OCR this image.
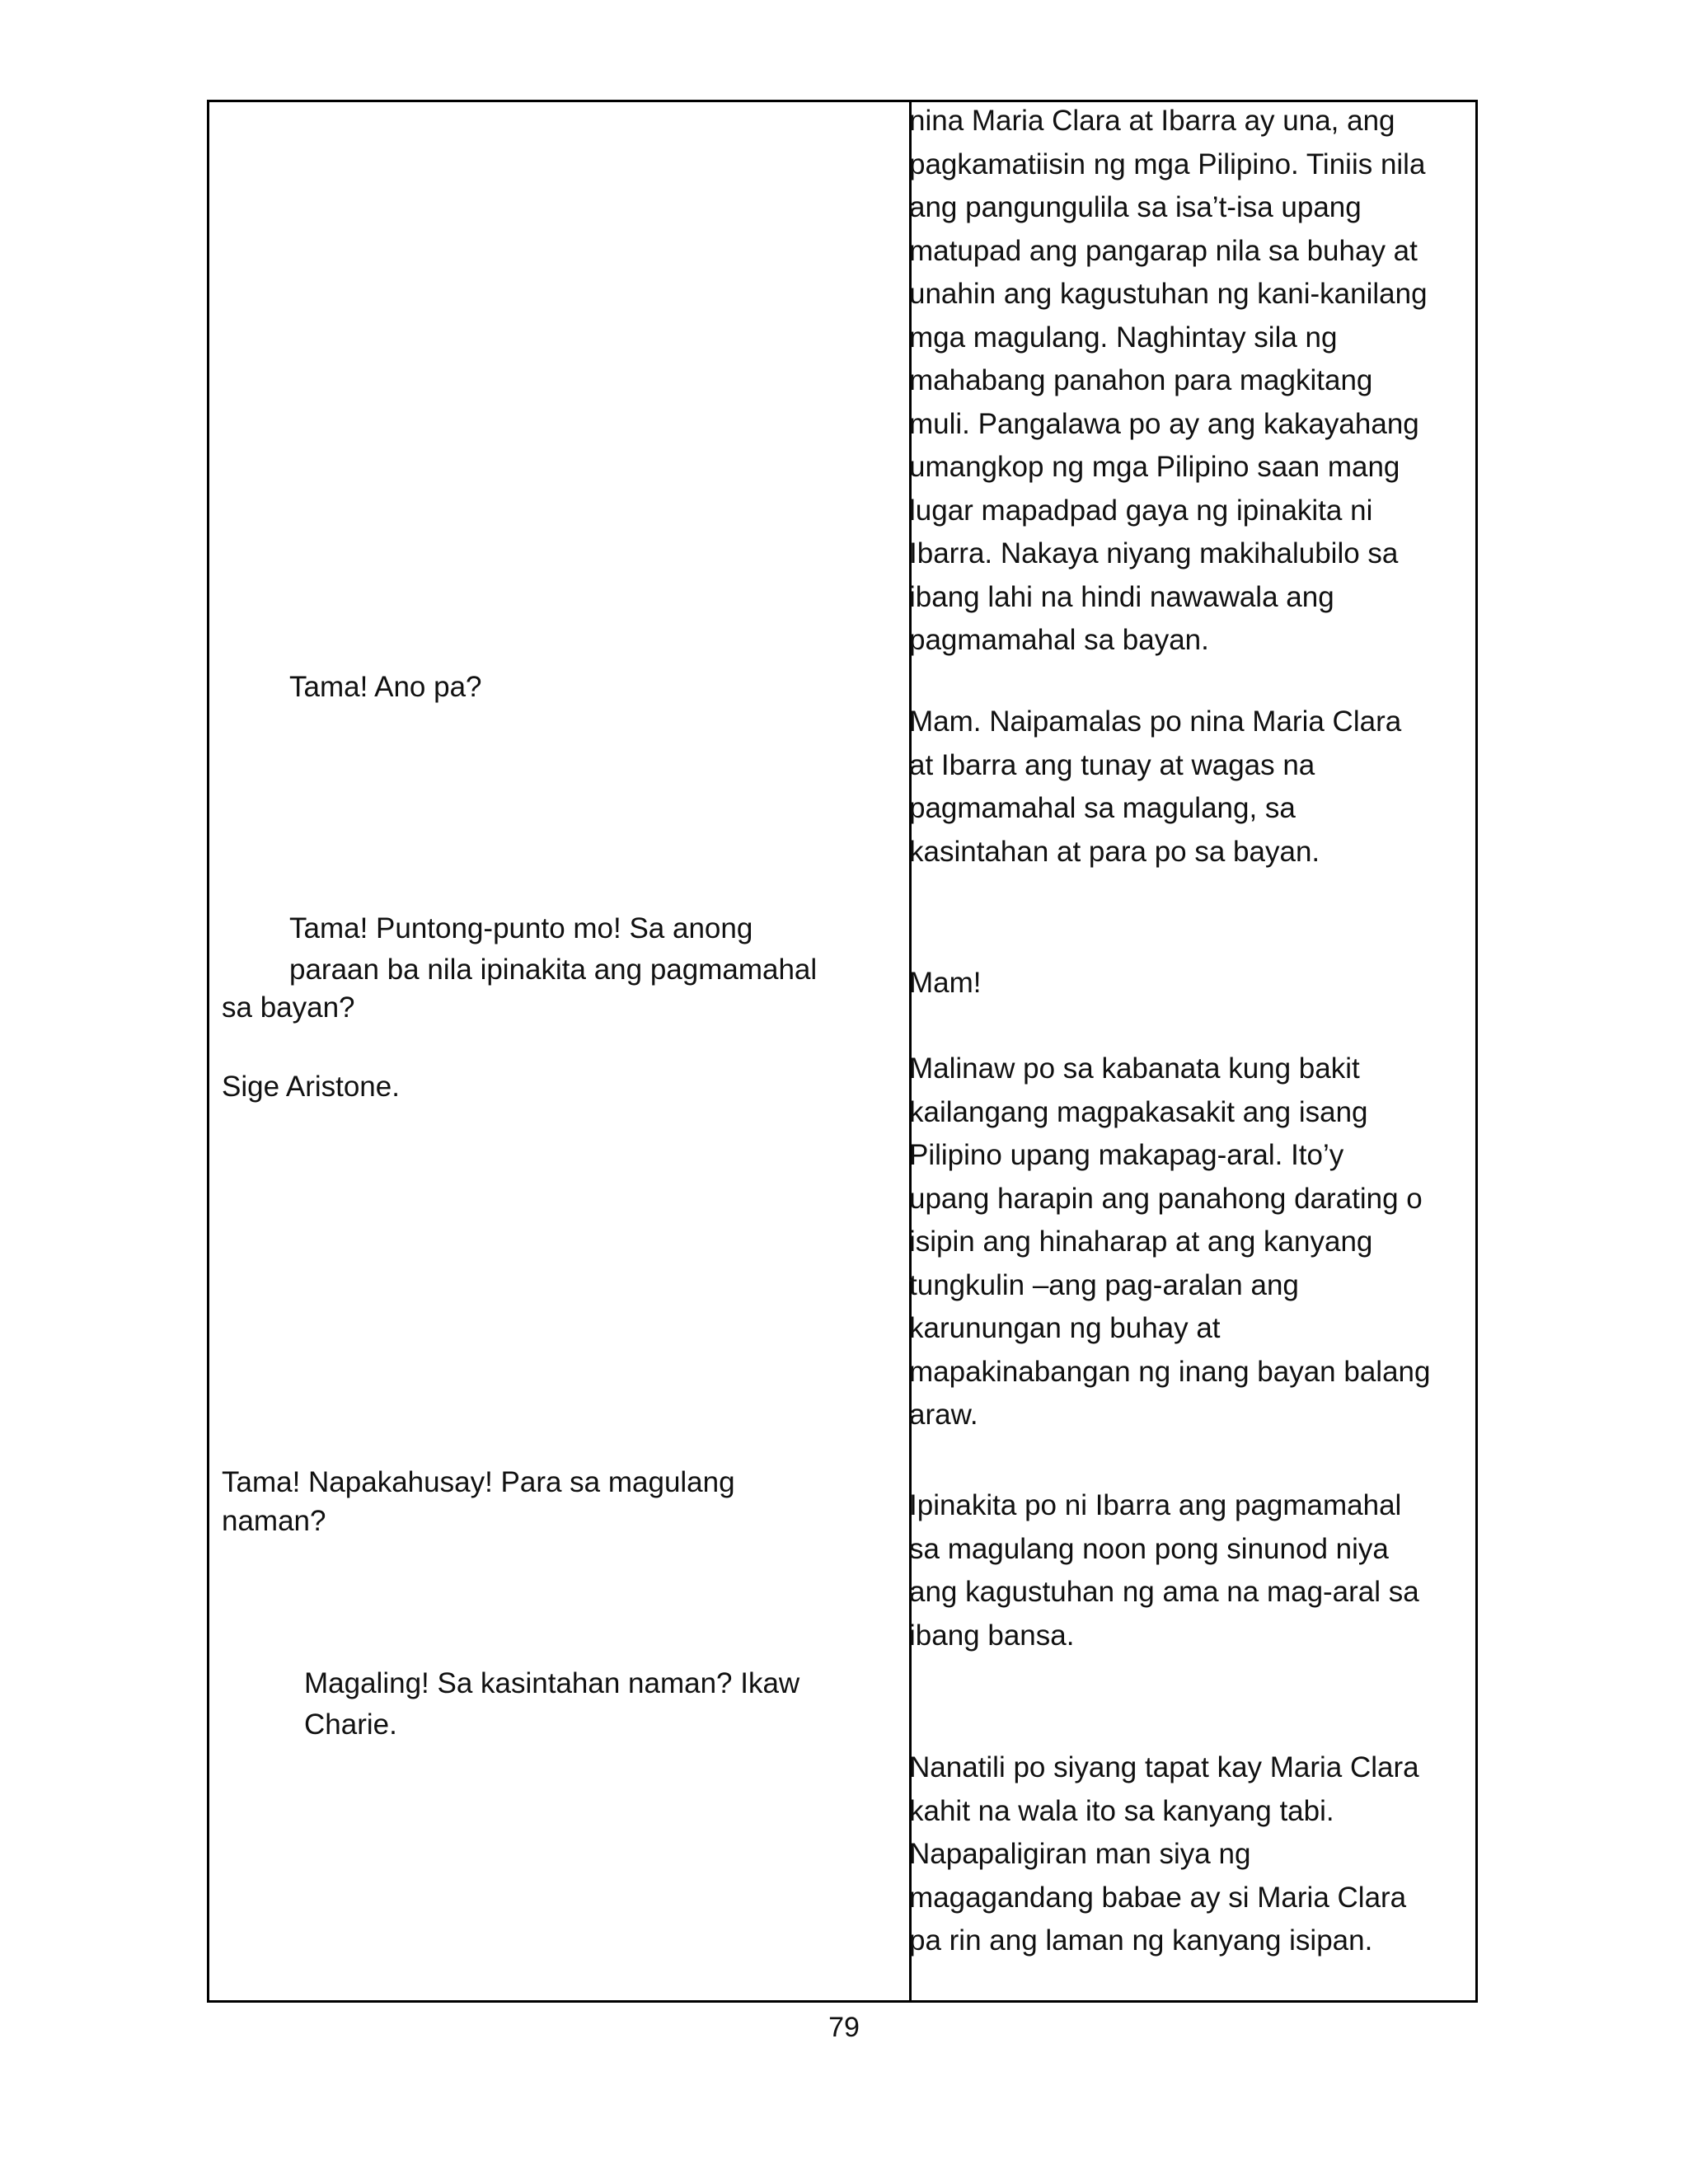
Tama! Ano pa?

Tama! Puntong-punto mo! Sa anong
paraan ba nila ipinakita ang pagmamahal

sa bayan?

Sige Aristone.

Tama! Napakahusay! Para sa magulang
naman?

Magaling! Sa kasintahan naman? Ikaw
Charie.

nina Maria Clara at Ibarra ay una, ang
pagkamatiisin ng mga Pilipino. Tiniis nila
ang pangungulila sa isa’t-isa upang
matupad ang pangarap nila sa buhay at
unahin ang kagustuhan ng kani-kanilang
mga magulang. Naghintay sila ng
mahabang panahon para magkitang
muli. Pangalawa po ay ang kakayahang
umangkop ng mga Pilipino saan mang
lugar mapadpad gaya ng ipinakita ni
Ibarra. Nakaya niyang makihalubilo sa
ibang lahi na hindi nawawala ang
pagmamahal sa bayan.

Mam. Naipamalas po nina Maria Clara
at Ibarra ang tunay at wagas na
pagmamahal sa magulang, sa
kasintahan at para po sa bayan.

Mam!

Malinaw po sa kabanata kung bakit
kailangang magpakasakit ang isang
Pilipino upang makapag-aral. Ito’y
upang harapin ang panahong darating o
isipin ang hinaharap at ang kanyang
tungkulin –ang pag-aralan ang
karunungan ng buhay at
mapakinabangan ng inang bayan balang
araw.

Ipinakita po ni Ibarra ang pagmamahal
sa magulang noon pong sinunod niya
ang kagustuhan ng ama na mag-aral sa
ibang bansa.

Nanatili po siyang tapat kay Maria Clara
kahit na wala ito sa kanyang tabi.
Napapaligiran man siya ng
magagandang babae ay si Maria Clara
pa rin ang laman ng kanyang isipan.

79
